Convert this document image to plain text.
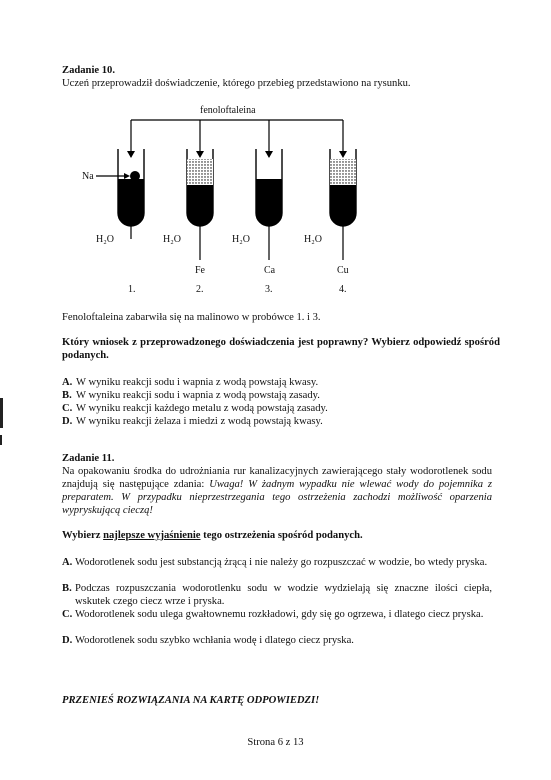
Zadanie 10.
Uczeń przeprowadził doświadczenie, którego przebieg przedstawiono na rysunku.
fenoloftaleina
Na
H₂O	H₂O	H₂O	H₂O
Fe	Ca	Cu
1.	2.	3.	4.
Fenoloftaleina zabarwiła się na malinowo w probówce 1. i 3.
Który wniosek z przeprowadzonego doświadczenia jest poprawny? Wybierz odpowiedź spośród podanych.
A. W wyniku reakcji sodu i wapnia z wodą powstają kwasy.
B. W wyniku reakcji sodu i wapnia z wodą powstają zasady.
C. W wyniku reakcji każdego metalu z wodą powstają zasady.
D. W wyniku reakcji żelaza i miedzi z wodą powstają kwasy.
Zadanie 11.
Na opakowaniu środka do udrożniania rur kanalizacyjnych zawierającego stały wodorotlenek sodu znajdują się następujące zdania: Uwaga! W żadnym wypadku nie wlewać wody do pojemnika z preparatem. W przypadku nieprzestrzegania tego ostrzeżenia zachodzi możliwość oparzenia wypryskującą cieczą!
Wybierz najlepsze wyjaśnienie tego ostrzeżenia spośród podanych.
A. Wodorotlenek sodu jest substancją żrącą i nie należy go rozpuszczać w wodzie, bo wtedy pryska.
B. Podczas rozpuszczania wodorotlenku sodu w wodzie wydzielają się znaczne ilości ciepła, wskutek czego ciecz wrze i pryska.
C. Wodorotlenek sodu ulega gwałtownemu rozkładowi, gdy się go ogrzewa, i dlatego ciecz pryska.
D. Wodorotlenek sodu szybko wchłania wodę i dlatego ciecz pryska.
PRZENIEŚ ROZWIĄZANIA NA KARTĘ ODPOWIEDZI!
Strona 6 z 13
